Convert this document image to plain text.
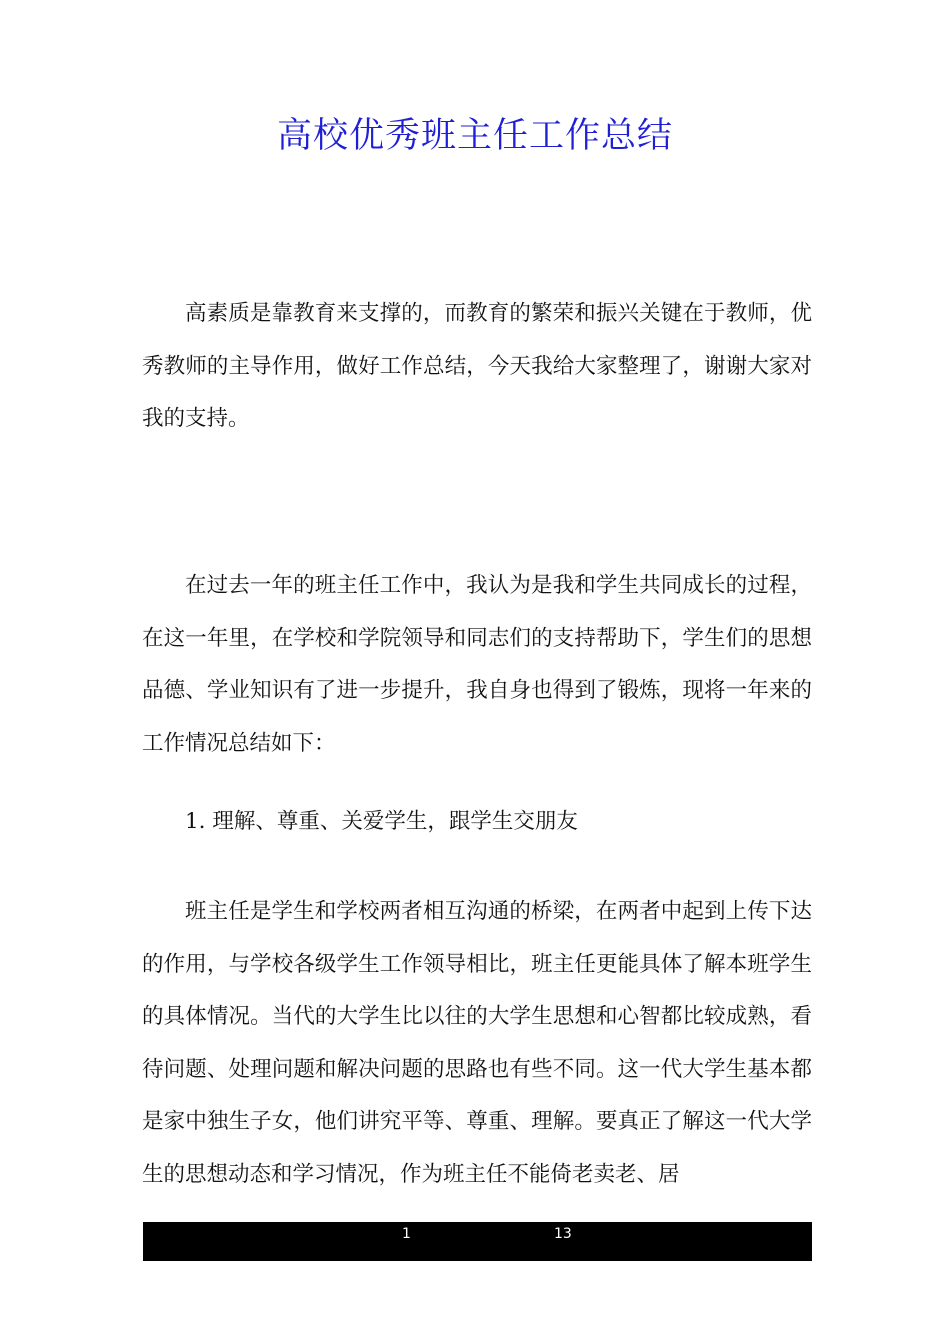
高校优秀班主任工作总结

高素质是靠教育来支撑的，而教育的繁荣和振兴关键在于教师，优秀教师的主导作用，做好工作总结，今天我给大家整理了，谢谢大家对我的支持。

在过去一年的班主任工作中，我认为是我和学生共同成长的过程，在这一年里，在学校和学院领导和同志们的支持帮助下，学生们的思想品德、学业知识有了进一步提升，我自身也得到了锻炼，现将一年来的工作情况总结如下：

1. 理解、尊重、关爱学生，跟学生交朋友

班主任是学生和学校两者相互沟通的桥梁，在两者中起到上传下达的作用，与学校各级学生工作领导相比，班主任更能具体了解本班学生的具体情况。当代的大学生比以往的大学生思想和心智都比较成熟，看待问题、处理问题和解决问题的思路也有些不同。这一代大学生基本都是家中独生子女，他们讲究平等、尊重、理解。要真正了解这一代大学生的思想动态和学习情况，作为班主任不能倚老卖老、居

1	13
